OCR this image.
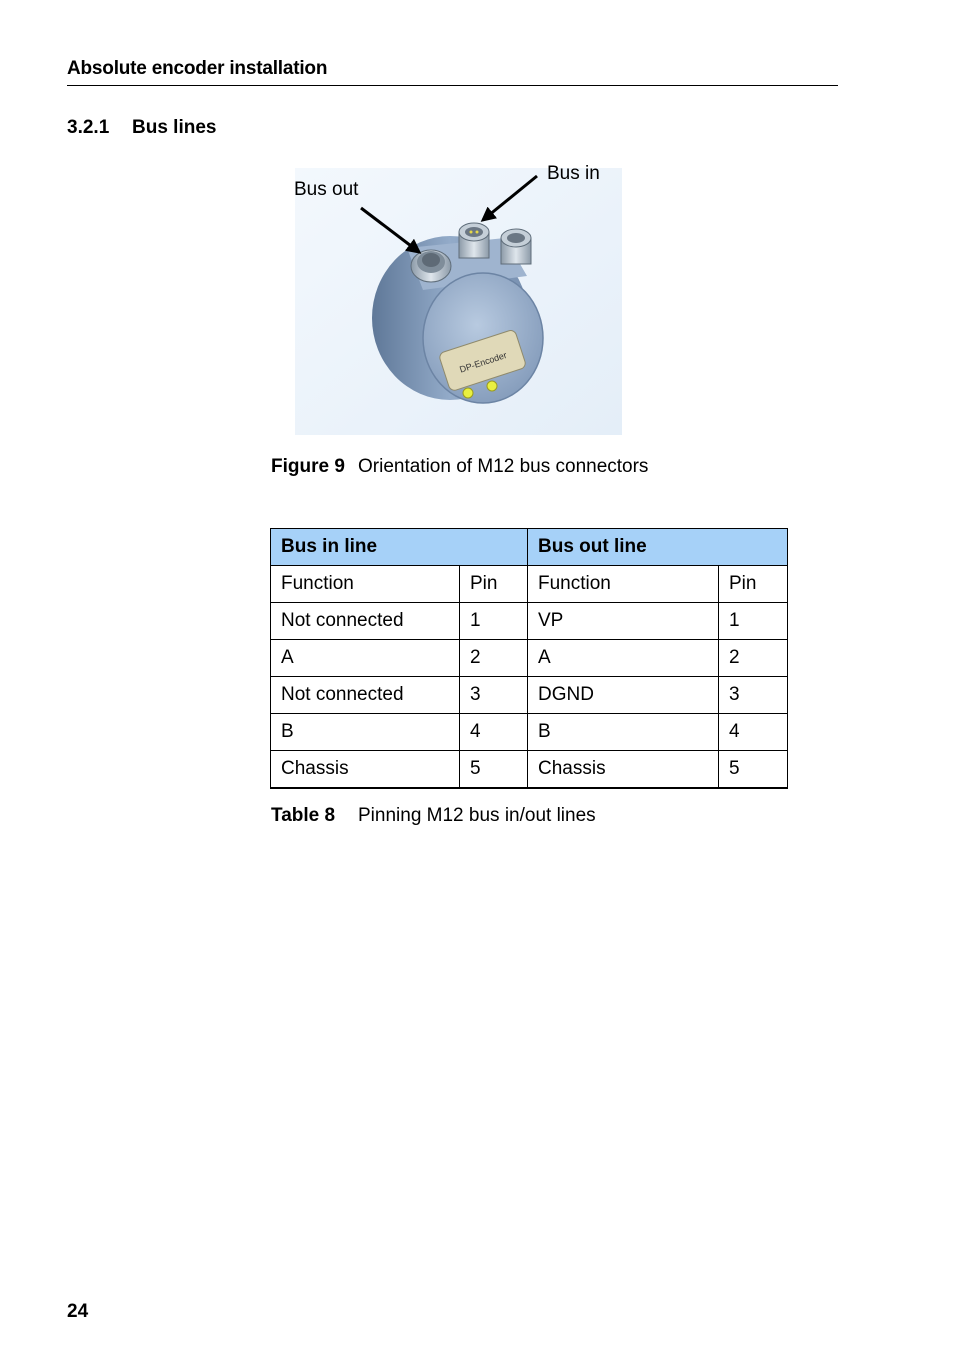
Absolute encoder installation
3.2.1 Bus lines
DP-Encoder
Bus out
Bus in
Figure 9 Orientation of M12 bus connectors
Bus in line		Bus out line	
Function	Pin	Function	Pin
Not connected	1	VP	1
A	2	A	2
Not connected	3	DGND	3
B	4	B	4
Chassis	5	Chassis	5
Table 8 Pinning M12 bus in/out lines
24
